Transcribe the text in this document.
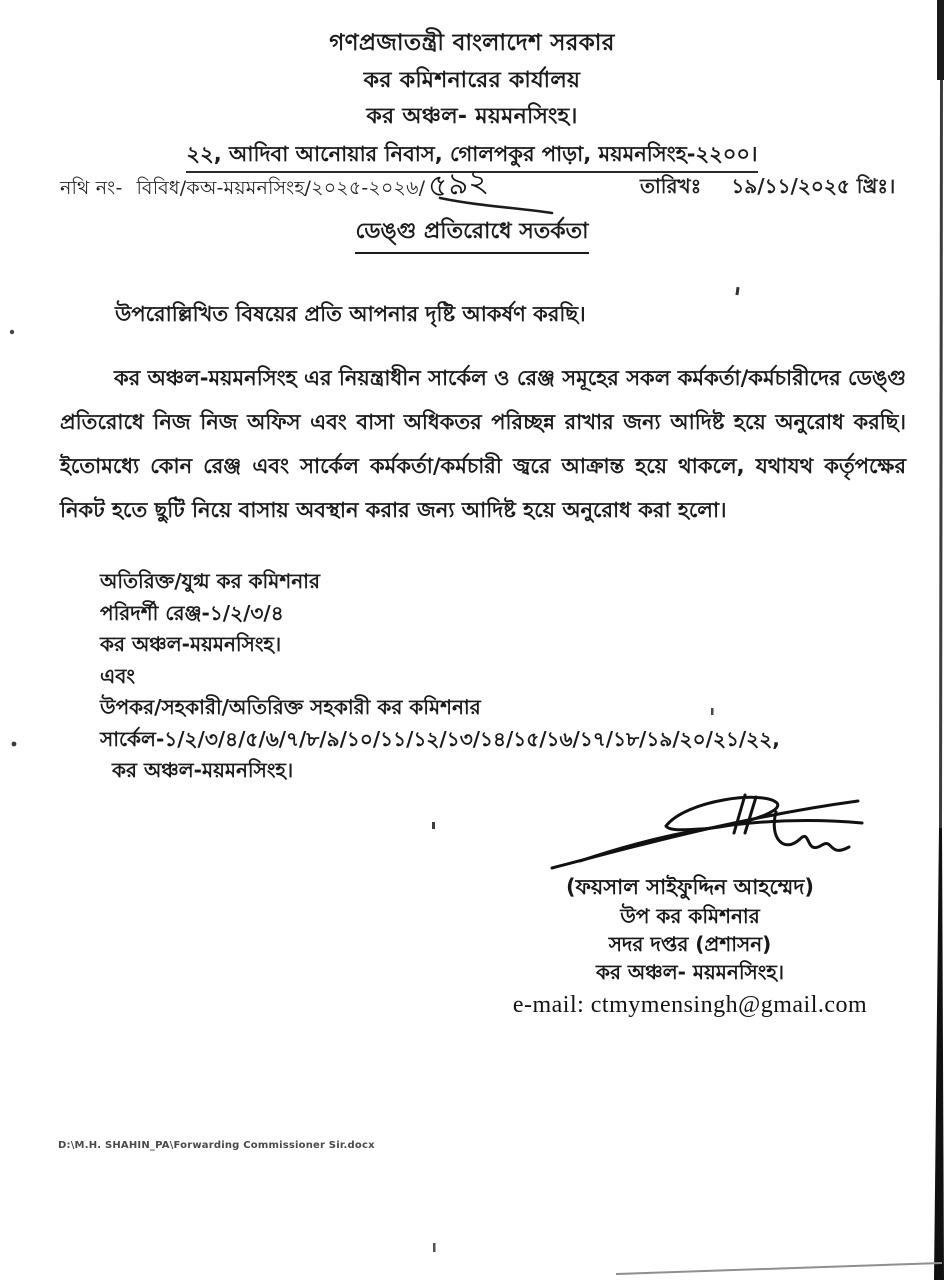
গণপ্রজাতন্ত্রী বাংলাদেশ সরকার
কর কমিশনারের কার্যালয়
কর অঞ্চল- ময়মনসিংহ।
২২, আদিবা আনোয়ার নিবাস, গোলপকুর পাড়া, ময়মনসিংহ-২২০০।
নথি নং- বিবিধ/কঅ-ময়মনসিংহ/২০২৫-২০২৬/ ৫৯২	তারিখঃ ১৯/১১/২০২৫ খ্রিঃ।
ডেঙ্গু প্রতিরোধে সতর্কতা
উপরোল্লিখিত বিষয়ের প্রতি আপনার দৃষ্টি আকর্ষণ করছি।
কর অঞ্চল-ময়মনসিংহ এর নিয়ন্ত্রাধীন সার্কেল ও রেঞ্জ সমূহের সকল কর্মকর্তা/কর্মচারীদের ডেঙ্গু প্রতিরোধে নিজ নিজ অফিস এবং বাসা অধিকতর পরিচ্ছন্ন রাখার জন্য আদিষ্ট হয়ে অনুরোধ করছি। ইতোমধ্যে কোন রেঞ্জ এবং সার্কেল কর্মকর্তা/কর্মচারী জ্বরে আক্রান্ত হয়ে থাকলে, যথাযথ কর্তৃপক্ষের নিকট হতে ছুটি নিয়ে বাসায় অবস্থান করার জন্য আদিষ্ট হয়ে অনুরোধ করা হলো।
অতিরিক্ত/যুগ্ম কর কমিশনার
পরিদর্শী রেঞ্জ-১/২/৩/৪
কর অঞ্চল-ময়মনসিংহ।
এবং
উপকর/সহকারী/অতিরিক্ত সহকারী কর কমিশনার
সার্কেল-১/২/৩/৪/৫/৬/৭/৮/৯/১০/১১/১২/১৩/১৪/১৫/১৬/১৭/১৮/১৯/২০/২১/২২,
কর অঞ্চল-ময়মনসিংহ।
(ফয়সাল সাইফুদ্দিন আহম্মেদ)
উপ কর কমিশনার
সদর দপ্তর (প্রশাসন)
কর অঞ্চল- ময়মনসিংহ।
e-mail: ctmymensingh@gmail.com
D:\M.H. SHAHIN_PA\Forwarding Commissioner Sir.docx
